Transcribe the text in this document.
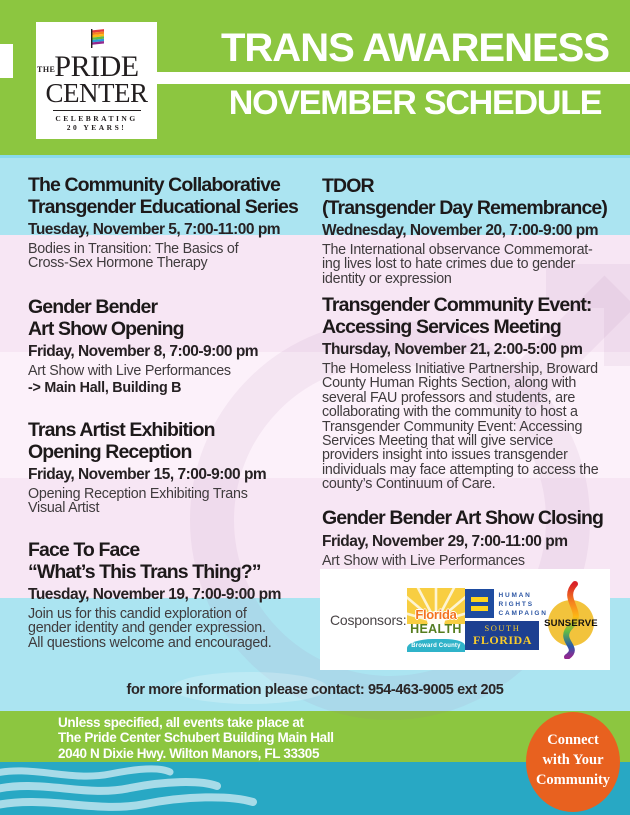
THE PRIDE
CENTER
CELEBRATING
20 YEARS!
TRANS AWARENESS
NOVEMBER SCHEDULE
The Community Collaborative
Transgender Educational Series
Tuesday, November 5, 7:00-11:00 pm
Bodies in Transition: The Basics of
Cross-Sex Hormone Therapy
Gender Bender
Art Show Opening
Friday, November 8, 7:00-9:00 pm
Art Show with Live Performances
-> Main Hall, Building B
Trans Artist Exhibition
Opening Reception
Friday, November 15, 7:00-9:00 pm
Opening Reception Exhibiting Trans
Visual Artist
Face To Face
“What’s This Trans Thing?”
Tuesday, November 19, 7:00-9:00 pm
Join us for this candid exploration of
gender identity and gender expression.
All questions welcome and encouraged.
TDOR
(Transgender Day Remembrance)
Wednesday, November 20, 7:00-9:00 pm
The International observance Commemorat-
ing lives lost to hate crimes due to gender
identity or expression
Transgender Community Event:
Accessing Services Meeting
Thursday, November 21, 2:00-5:00 pm
The Homeless Initiative Partnership, Broward
County Human Rights Section, along with
several FAU professors and students, are
collaborating with the community to host a
Transgender Community Event: Accessing
Services Meeting that will give service
providers insight into issues transgender
individuals may face attempting to access the
county’s Continuum of Care.
Gender Bender Art Show Closing
Friday, November 29, 7:00-11:00 pm
Art Show with Live Performances
Cosponsors: Florida
HEALTH
Broward County
HUMAN
RIGHTS
CAMPAIGN
SOUTH
FLORIDA
SUNSERVE
for more information please contact: 954-463-9005 ext 205
Unless specified, all events take place at
The Pride Center Schubert Building Main Hall
2040 N Dixie Hwy. Wilton Manors, FL 33305
Connect
with Your
Community
